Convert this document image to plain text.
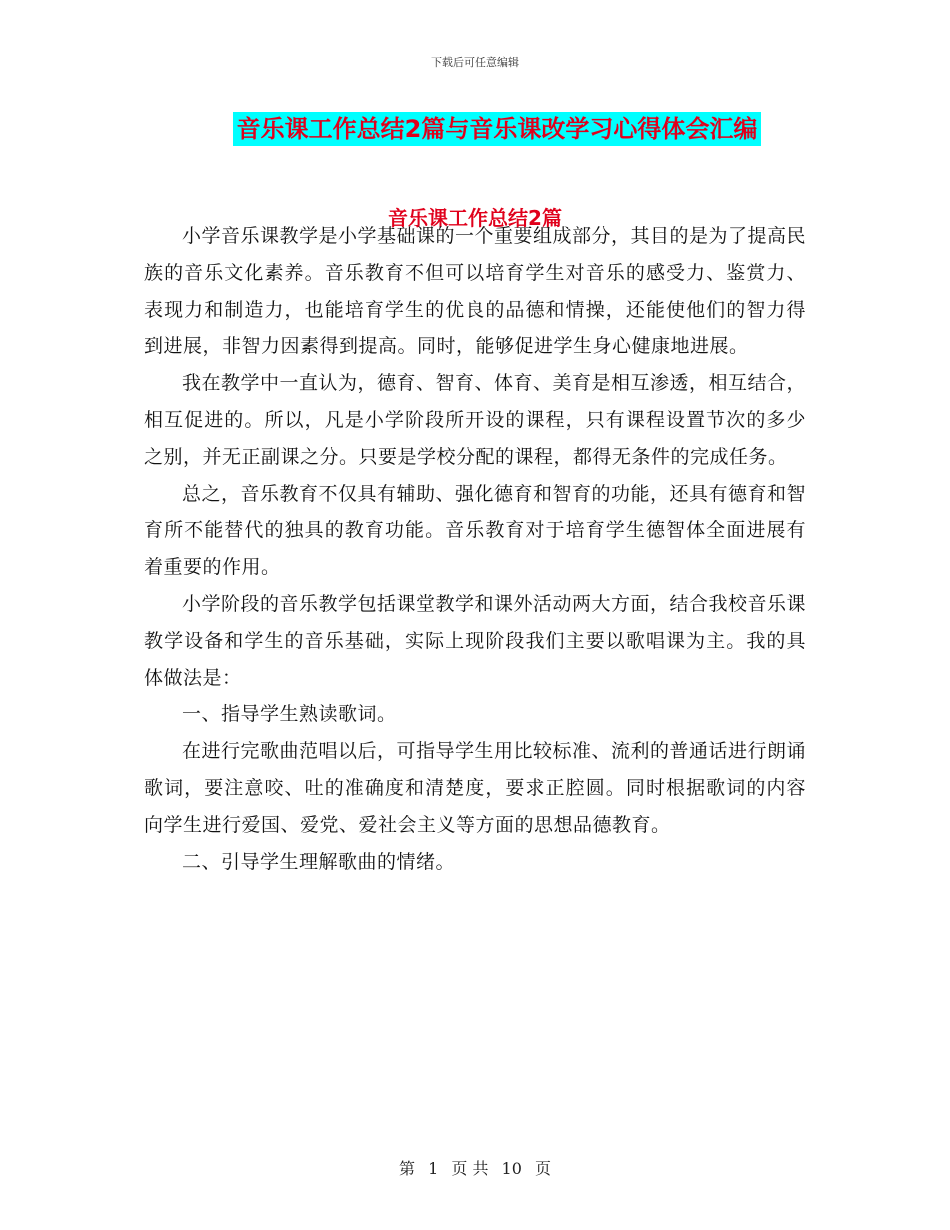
下载后可任意编辑
音乐课工作总结2篇与音乐课改学习心得体会汇编
音乐课工作总结2篇

小学音乐课教学是小学基础课的一个重要组成部分，其目的是为了提高民族的音乐文化素养。音乐教育不但可以培育学生对音乐的感受力、鉴赏力、表现力和制造力，也能培育学生的优良的品德和情操，还能使他们的智力得到进展，非智力因素得到提高。同时，能够促进学生身心健康地进展。

我在教学中一直认为，德育、智育、体育、美育是相互渗透，相互结合，相互促进的。所以，凡是小学阶段所开设的课程，只有课程设置节次的多少之别，并无正副课之分。只要是学校分配的课程，都得无条件的完成任务。

总之，音乐教育不仅具有辅助、强化德育和智育的功能，还具有德育和智育所不能替代的独具的教育功能。音乐教育对于培育学生德智体全面进展有着重要的作用。

小学阶段的音乐教学包括课堂教学和课外活动两大方面，结合我校音乐课教学设备和学生的音乐基础，实际上现阶段我们主要以歌唱课为主。我的具体做法是：

一、指导学生熟读歌词。

在进行完歌曲范唱以后，可指导学生用比较标准、流利的普通话进行朗诵歌词，要注意咬、吐的准确度和清楚度，要求正腔圆。同时根据歌词的内容向学生进行爱国、爱党、爱社会主义等方面的思想品德教育。

二、引导学生理解歌曲的情绪。

第 1 页 共 10 页
